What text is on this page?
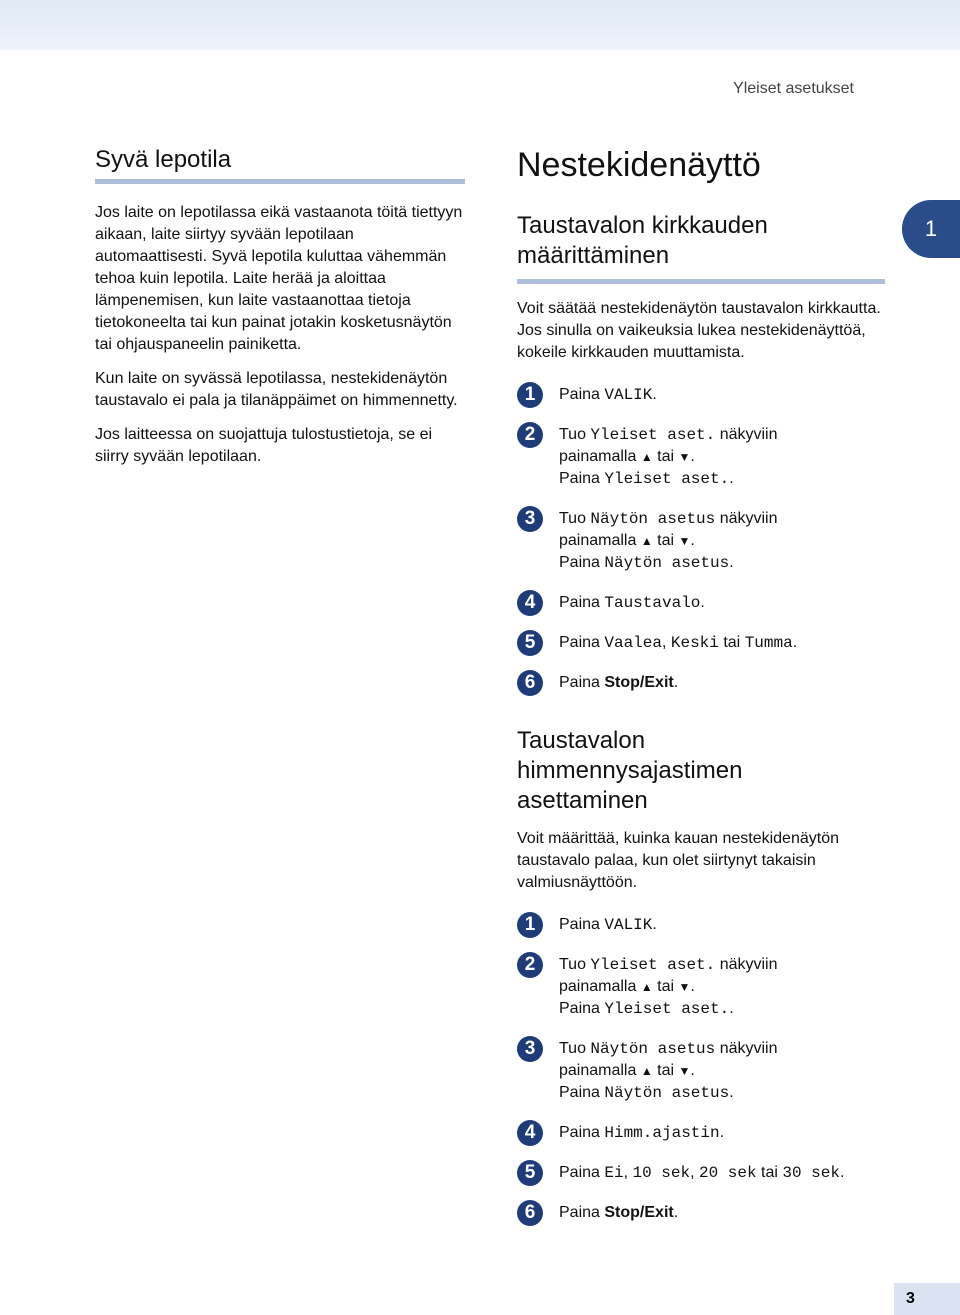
Yleiset asetukset
Syvä lepotila

Jos laite on lepotilassa eikä vastaanota töitä tiettyyn aikaan, laite siirtyy syvään lepotilaan automaattisesti. Syvä lepotila kuluttaa vähemmän tehoa kuin lepotila. Laite herää ja aloittaa lämpenemisen, kun laite vastaanottaa tietoja tietokoneelta tai kun painat jotakin kosketusnäytön tai ohjauspaneelin painiketta.

Kun laite on syvässä lepotilassa, nestekidenäytön taustavalo ei pala ja tilanäppäimet on himmennetty.

Jos laitteessa on suojattuja tulostustietoja, se ei siirry syvään lepotilaan.

Nestekidenäyttö
Taustavalon kirkkauden
määrittäminen

Voit säätää nestekidenäytön taustavalon kirkkautta. Jos sinulla on vaikeuksia lukea nestekidenäyttöä, kokeile kirkkauden muuttamista.

1	Paina VALIK.
2	Tuo Yleiset aset. näkyviin
painamalla ▲ tai ▼.
Paina Yleiset aset..
3	Tuo Näytön asetus näkyviin
painamalla ▲ tai ▼.
Paina Näytön asetus.
4	Paina Taustavalo.
5	Paina Vaalea, Keski tai Tumma.
6	Paina Stop/Exit.
Taustavalon
himmennysajastimen
asettaminen

Voit määrittää, kuinka kauan nestekidenäytön taustavalo palaa, kun olet siirtynyt takaisin valmiusnäyttöön.

1	Paina VALIK.
2	Tuo Yleiset aset. näkyviin
painamalla ▲ tai ▼.
Paina Yleiset aset..
3	Tuo Näytön asetus näkyviin
painamalla ▲ tai ▼.
Paina Näytön asetus.
4	Paina Himm.ajastin.
5	Paina Ei, 10 sek, 20 sek tai 30 sek.
6	Paina Stop/Exit.
1
3
